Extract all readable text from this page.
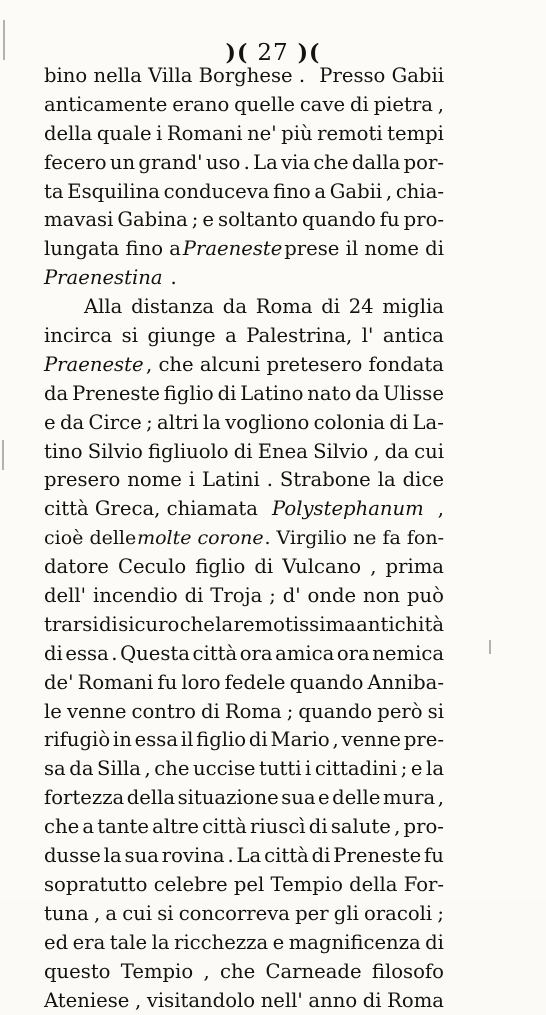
)( 27 )(
bino nella Villa Borghese . Presso Gabii
anticamente erano quelle cave di pietra ,
della quale i Romani ne' più remoti tempi
fecero un grand' uso . La via che dalla por-
ta Esquilina conduceva fino a Gabii , chia-
mavasi Gabina ; e soltanto quando fu pro-
lungata fino a Praeneste prese il nome di
Praenestina .
Alla distanza da Roma di 24 miglia
incirca si giunge a Palestrina, l' antica
Praeneste , che alcuni pretesero fondata
da Preneste figlio di Latino nato da Ulisse
e da Circe ; altri la vogliono colonia di La-
tino Silvio figliuolo di Enea Silvio , da cui
presero nome i Latini . Strabone la dice
città Greca, chiamata Polystephanum ,
cioè delle molte corone . Virgilio ne fa fon-
datore Ceculo figlio di Vulcano , prima
dell' incendio di Troja ; d' onde non può
trarsi di sicuro che la remotissima antichità
di essa . Questa città ora amica ora nemica
de' Romani fu loro fedele quando Anniba-
le venne contro di Roma ; quando però si
rifugiò in essa il figlio di Mario , venne pre-
sa da Silla , che uccise tutti i cittadini ; e la
fortezza della situazione sua e delle mura ,
che a tante altre città riuscì di salute , pro-
dusse la sua rovina . La città di Preneste fu
sopratutto celebre pel Tempio della For-
tuna , a cui si concorreva per gli oracoli ;
ed era tale la ricchezza e magnificenza di
questo Tempio , che Carneade filosofo
Ateniese , visitandolo nell' anno di Roma
